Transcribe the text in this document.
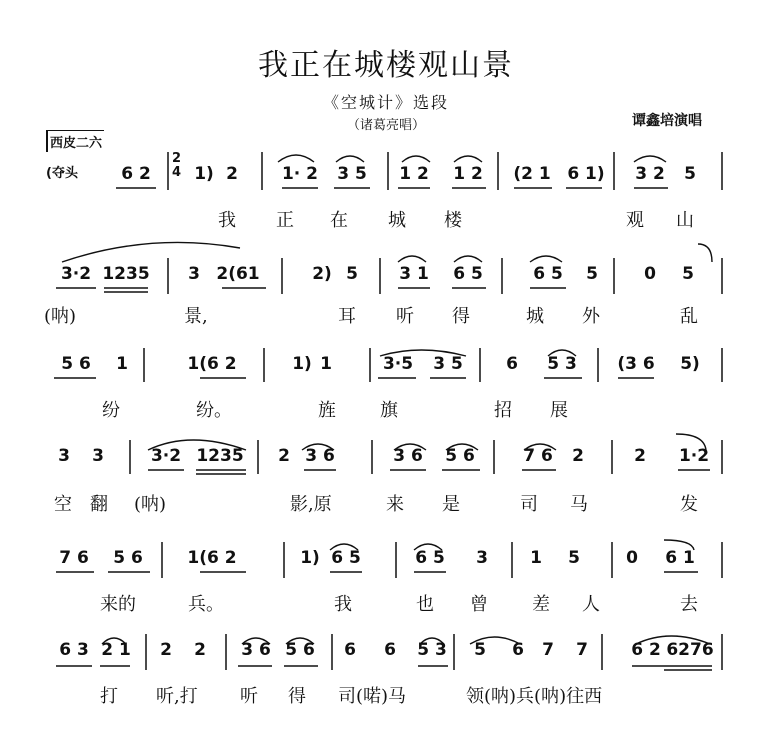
我正在城楼观山景
《空城计》选段
（诸葛亮唱）	谭鑫培演唱
西皮二六
(夺头
2
4
6 2	1) 2	1· 2 3 5 1 2 1 2 (2 1 6 1) 3 2 5
我 正 在 城 楼	观 山
3·2 1235 3 2(61	2) 5 3 1 6 5	6 5 5	0 5
(呐)	景,	耳 听 得	城 外	乱
5 6	1	1(6 2	1) 1	3·5	3 5	6 5 3 (3 6 5)
纷	纷。	旌 旗	招 展
3 3	3·2 1235 2 3 6	3 6 5 6	7 6 2	2 1·2
空 翻 (呐)	影,原	来 是	司 马	发
7 6	5 6	1(6 2	1) 6 5	6 5 3 1 5	0 6 1
来的	兵。	我	也 曾 差 人	去
6 3 2 1 2 2 3 6 5 6 6 6 5 3 5 6 7 7	6 2 6276
打 听,打 听 得 司(喏)马	领(呐)兵(呐)往西
